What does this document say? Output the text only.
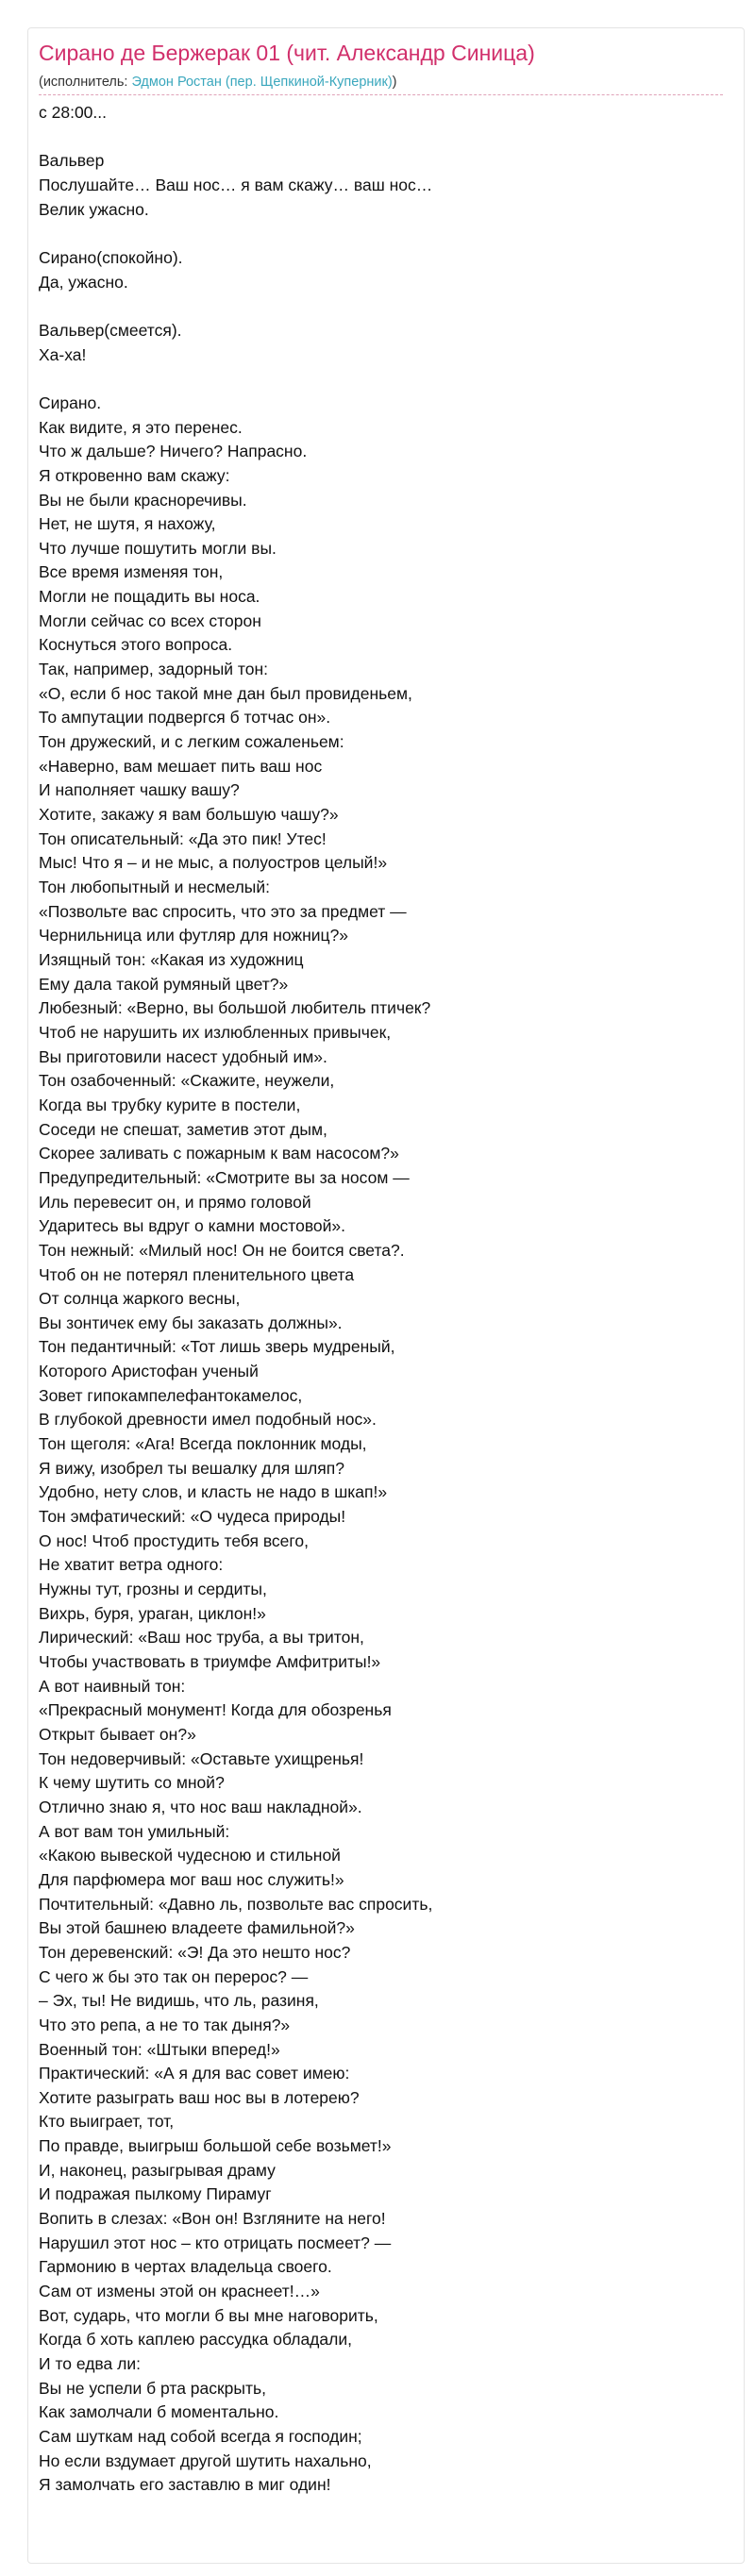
Сирано де Бержерак 01 (чит. Александр Синица)
(исполнитель: Эдмон Ростан (пер. Щепкиной-Куперник))
с 28:00...

Вальвер
Послушайте… Ваш нос… я вам скажу… ваш нос…
Велик ужасно.

Сирано(спокойно).
Да, ужасно.

Вальвер(смеется).
Ха-ха!

Сирано.
Как видите, я это перенес.
Что ж дальше? Ничего? Напрасно.
Я откровенно вам скажу:
Вы не были красноречивы.
Нет, не шутя, я нахожу,
Что лучше пошутить могли вы.
Все время изменяя тон,
Могли не пощадить вы носа.
Могли сейчас со всех сторон
Коснуться этого вопроса.
Так, например, задорный тон:
«О, если б нос такой мне дан был провиденьем,
То ампутации подвергся б тотчас он».
Тон дружеский, и с легким сожаленьем:
«Наверно, вам мешает пить ваш нос
И наполняет чашку вашу?
Хотите, закажу я вам большую чашу?»
Тон описательный: «Да это пик! Утес!
Мыс! Что я – и не мыс, а полуостров целый!»
Тон любопытный и несмелый:
«Позвольте вас спросить, что это за предмет —
Чернильница или футляр для ножниц?»
Изящный тон: «Какая из художниц
Ему дала такой румяный цвет?»
Любезный: «Верно, вы большой любитель птичек?
Чтоб не нарушить их излюбленных привычек,
Вы приготовили насест удобный им».
Тон озабоченный: «Скажите, неужели,
Когда вы трубку курите в постели,
Соседи не спешат, заметив этот дым,
Скорее заливать с пожарным к вам насосом?»
Предупредительный: «Смотрите вы за носом —
Иль перевесит он, и прямо головой
Ударитесь вы вдруг о камни мостовой».
Тон нежный: «Милый нос! Он не боится света?.
Чтоб он не потерял пленительного цвета
От солнца жаркого весны,
Вы зонтичек ему бы заказать должны».
Тон педантичный: «Тот лишь зверь мудреный,
Которого Аристофан ученый
Зовет гипокампелефантокамелос,
В глубокой древности имел подобный нос».
Тон щеголя: «Ага! Всегда поклонник моды,
Я вижу, изобрел ты вешалку для шляп?
Удобно, нету слов, и класть не надо в шкап!»
Тон эмфатический: «О чудеса природы!
О нос! Чтоб простудить тебя всего,
Не хватит ветра одного:
Нужны тут, грозны и сердиты,
Вихрь, буря, ураган, циклон!»
Лирический: «Ваш нос труба, а вы тритон,
Чтобы участвовать в триумфе Амфитриты!»
А вот наивный тон:
«Прекрасный монумент! Когда для обозренья
Открыт бывает он?»
Тон недоверчивый: «Оставьте ухищренья!
К чему шутить со мной?
Отлично знаю я, что нос ваш накладной».
А вот вам тон умильный:
«Какою вывеской чудесною и стильной
Для парфюмера мог ваш нос служить!»
Почтительный: «Давно ль, позвольте вас спросить,
Вы этой башнею владеете фамильной?»
Тон деревенский: «Э! Да это нешто нос?
С чего ж бы это так он перерос? —
– Эх, ты! Не видишь, что ль, разиня,
Что это репа, а не то так дыня?»
Военный тон: «Штыки вперед!»
Практический: «А я для вас совет имею:
Хотите разыграть ваш нос вы в лотерею?
Кто выиграет, тот,
По правде, выигрыш большой себе возьмет!»
И, наконец, разыгрывая драму
И подражая пылкому Пирамуг
Вопить в слезах: «Вон он! Взгляните на него!
Нарушил этот нос – кто отрицать посмеет? —
Гармонию в чертах владельца своего.
Сам от измены этой он краснеет!…»
Вот, сударь, что могли б вы мне наговорить,
Когда б хоть каплею рассудка обладали,
И то едва ли:
Вы не успели б рта раскрыть,
Как замолчали б моментально.
Сам шуткам над собой всегда я господин;
Но если вздумает другой шутить нахально,
Я замолчать его заставлю в миг один!
